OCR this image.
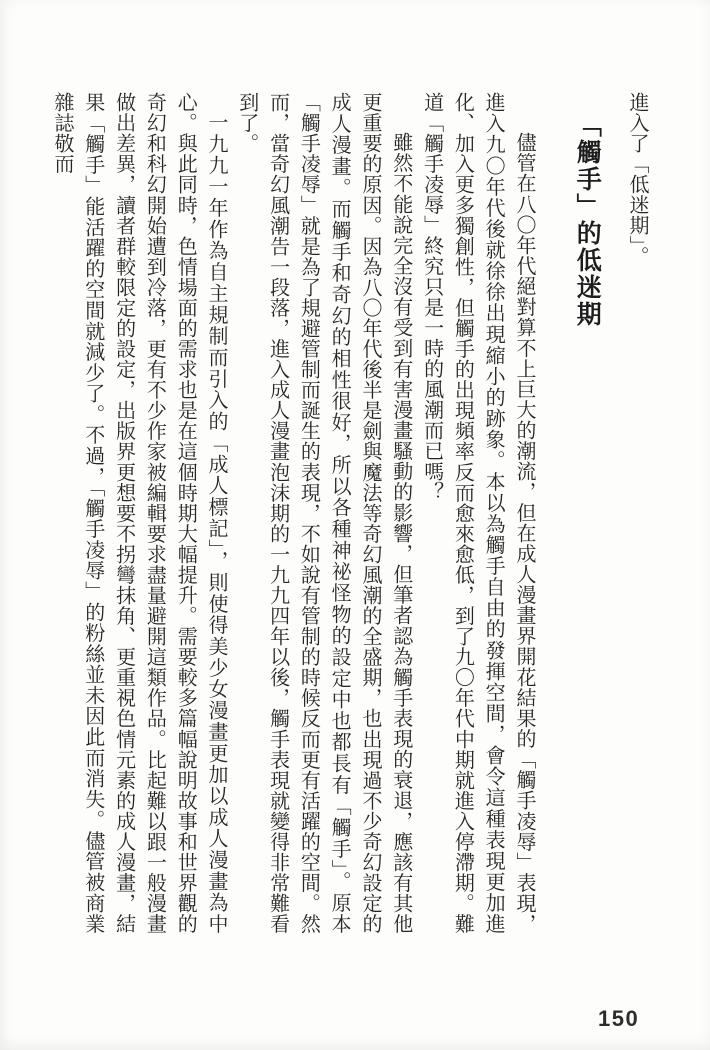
進入了「低迷期」。

「觸手」的低迷期

儘管在八〇年代絕對算不上巨大的潮流，但在成人漫畫界開花結果的「觸手凌辱」表現，進入九〇年代後就徐徐出現縮小的跡象。本以為觸手自由的發揮空間，會令這種表現更加進化、加入更多獨創性，但觸手的出現頻率反而愈來愈低，到了九〇年代中期就進入停滯期。難道「觸手凌辱」終究只是一時的風潮而已嗎？

雖然不能說完全沒有受到有害漫畫騷動的影響，但筆者認為觸手表現的衰退，應該有其他更重要的原因。因為八〇年代後半是劍與魔法等奇幻風潮的全盛期，也出現過不少奇幻設定的成人漫畫。而觸手和奇幻的相性很好，所以各種神祕怪物的設定中也都長有「觸手」。原本「觸手凌辱」就是為了規避管制而誕生的表現，不如說有管制的時候反而更有活躍的空間。然而，當奇幻風潮告一段落，進入成人漫畫泡沫期的一九九四年以後，觸手表現就變得非常難看到了。

一九九一年作為自主規制而引入的「成人標記」，則使得美少女漫畫更加以成人漫畫為中心。與此同時，色情場面的需求也是在這個時期大幅提升。需要較多篇幅說明故事和世界觀的奇幻和科幻開始遭到冷落，更有不少作家被編輯要求盡量避開這類作品。比起難以跟一般漫畫做出差異，讀者群較限定的設定，出版界更想要不拐彎抹角、更重視色情元素的成人漫畫，結果「觸手」能活躍的空間就減少了。不過，「觸手凌辱」的粉絲並未因此而消失。儘管被商業雜誌敬而

150
